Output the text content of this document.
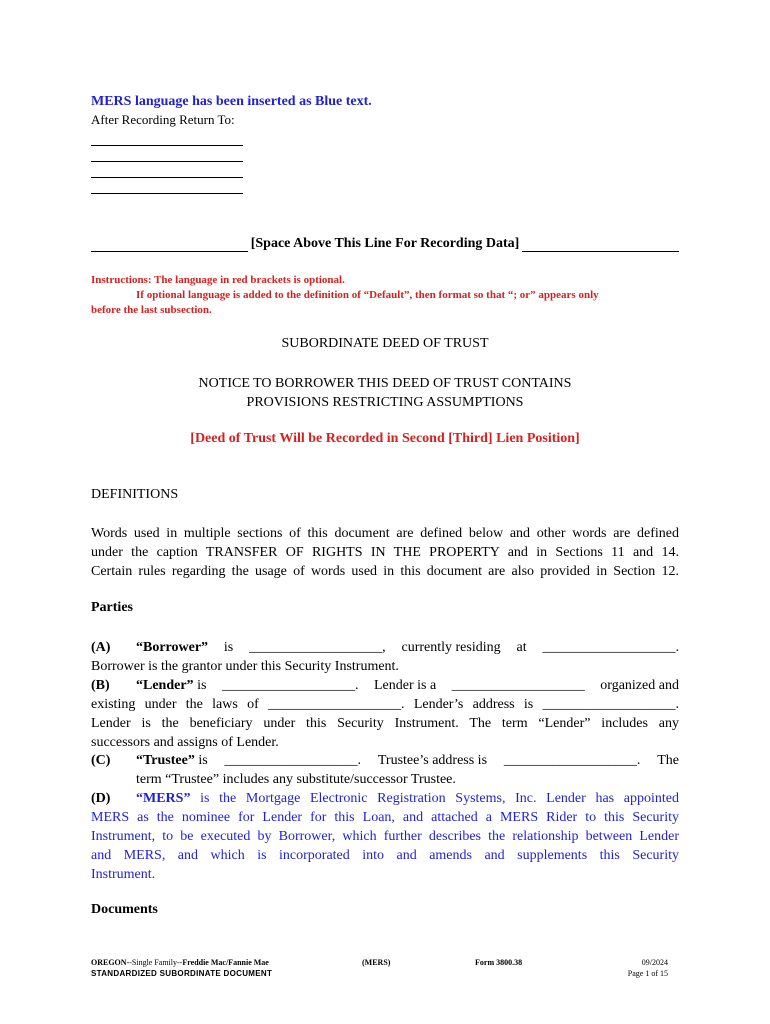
MERS language has been inserted as Blue text.
After Recording Return To:
[Space Above This Line For Recording Data]
Instructions: The language in red brackets is optional.
If optional language is added to the definition of “Default”, then format so that “; or” appears only
before the last subsection.
SUBORDINATE DEED OF TRUST
NOTICE TO BORROWER THIS DEED OF TRUST CONTAINS
PROVISIONS RESTRICTING ASSUMPTIONS
[Deed of Trust Will be Recorded in Second [Third] Lien Position]
DEFINITIONS
Words used in multiple sections of this document are defined below and other words are defined
under the caption TRANSFER OF RIGHTS IN THE PROPERTY and in Sections 11 and 14.
Certain rules regarding the usage of words used in this document are also provided in Section 12.
Parties
(A)	“Borrower” is ___________________, currently residing at ___________________.
Borrower is the grantor under this Security Instrument.
(B)	“Lender” is ___________________. Lender is a ___________________ organized and
existing under the laws of ___________________. Lender’s address is ___________________.
Lender is the beneficiary under this Security Instrument. The term “Lender” includes any
successors and assigns of Lender.
(C)	“Trustee” is ___________________. Trustee’s address is ___________________. The
term “Trustee” includes any substitute/successor Trustee.
(D)	“MERS” is the Mortgage Electronic Registration Systems, Inc. Lender has appointed
MERS as the nominee for Lender for this Loan, and attached a MERS Rider to this Security
Instrument, to be executed by Borrower, which further describes the relationship between Lender
and MERS, and which is incorporated into and amends and supplements this Security
Instrument.
Documents
OREGON--Single Family--Freddie Mac/Fannie Mae
STANDARDIZED SUBORDINATE DOCUMENT
(MERS)	Form 3800.38	09/2024
Page 1 of 15
